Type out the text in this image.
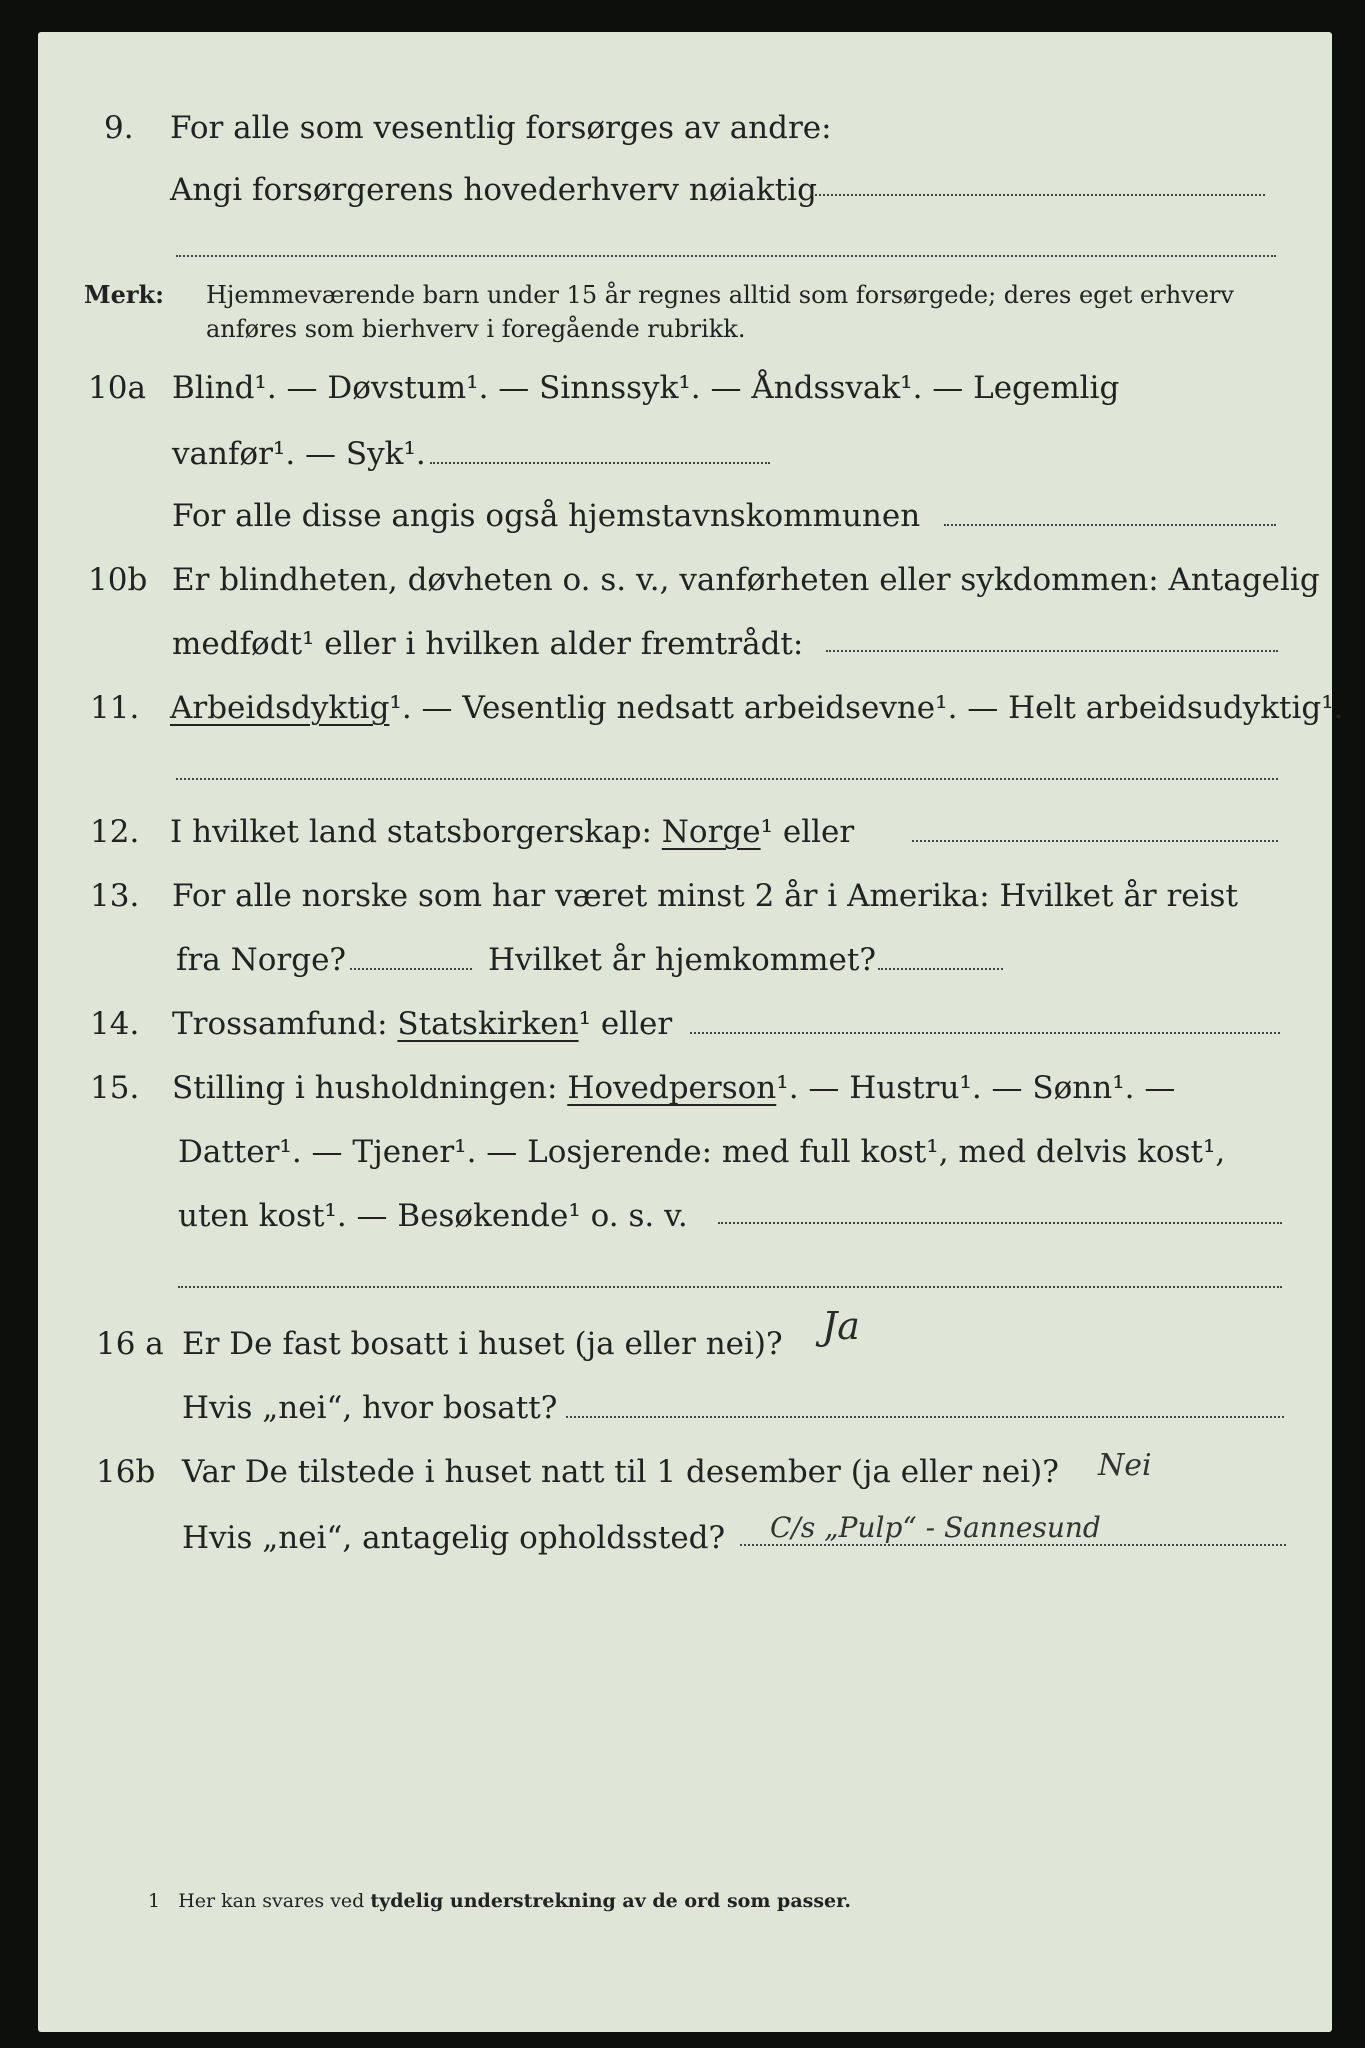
9. For alle som vesentlig forsørges av andre:
Angi forsørgerens hovederhverv nøiaktig
Merk: Hjemmeværende barn under 15 år regnes alltid som forsørgede; deres eget erhverv
anføres som bierhverv i foregående rubrikk.
10a Blind¹. — Døvstum¹. — Sinnssyk¹. — Åndssvak¹. — Legemlig
vanfør¹. — Syk¹.
For alle disse angis også hjemstavnskommunen
10b Er blindheten, døvheten o. s. v., vanførheten eller sykdommen: Antagelig
medfødt¹ eller i hvilken alder fremtrådt:
11. Arbeidsdyktig¹. — Vesentlig nedsatt arbeidsevne¹. — Helt arbeidsudyktig¹.
12. I hvilket land statsborgerskap: Norge¹ eller
13. For alle norske som har været minst 2 år i Amerika: Hvilket år reist
fra Norge?	Hvilket år hjemkommet?
14. Trossamfund: Statskirken¹ eller
15. Stilling i husholdningen: Hovedperson¹. — Hustru¹. — Sønn¹. —
Datter¹. — Tjener¹. — Losjerende: med full kost¹, med delvis kost¹,
uten kost¹. — Besøkende¹ o. s. v.
16 a Er De fast bosatt i huset (ja eller nei)? Ja
Hvis „nei“, hvor bosatt?
16b Var De tilstede i huset natt til 1 desember (ja eller nei)? Nei
Hvis „nei“, antagelig opholdssted? C/s „Pulp“ - Sannesund
1 Her kan svares ved tydelig understrekning av de ord som passer.
